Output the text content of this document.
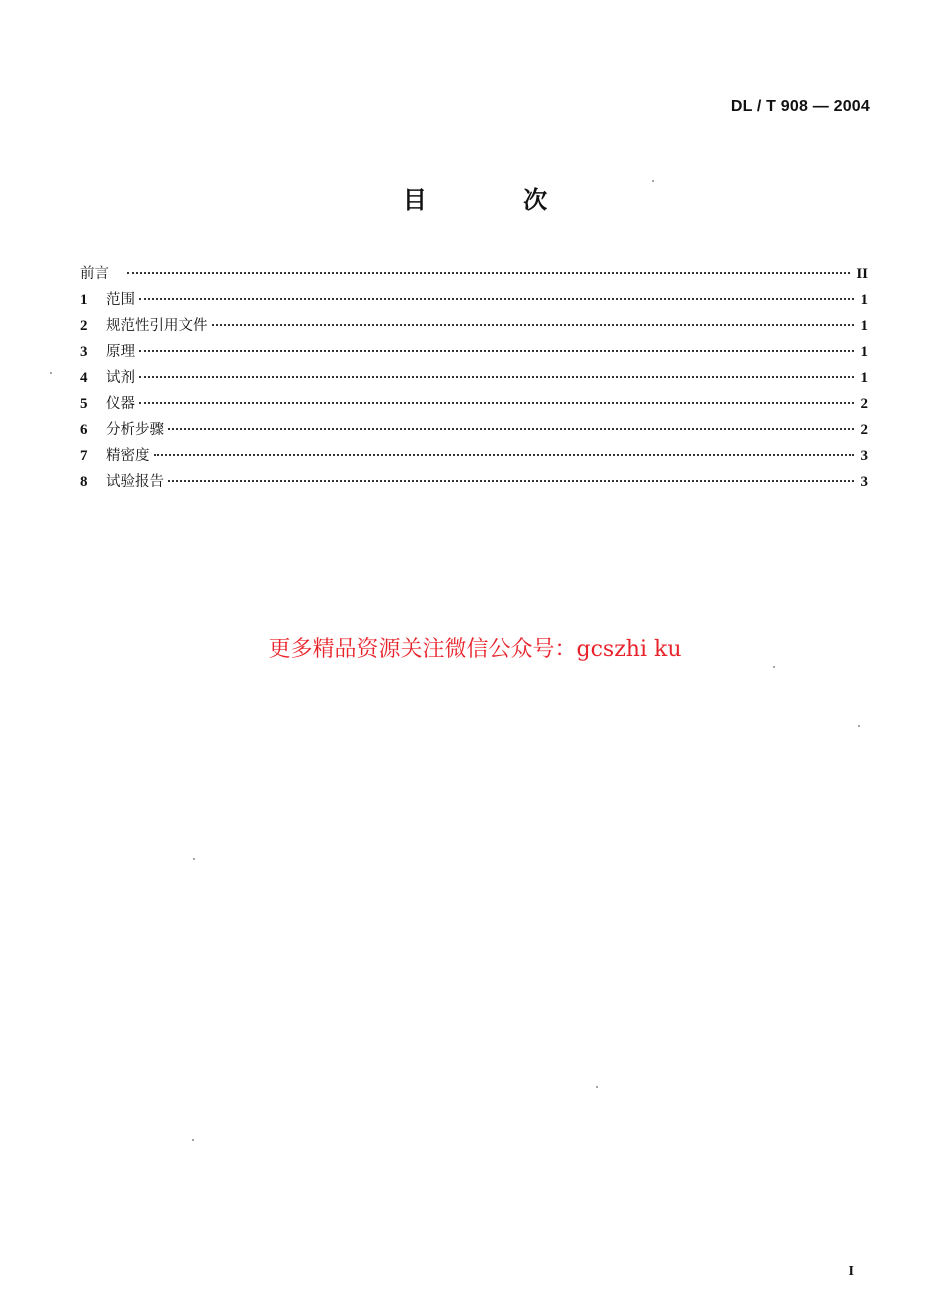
DL / T 908 — 2004
目 次
前言	II
1	范围	1
2	规范性引用文件	1
3	原理	1
4	试剂	1
5	仪器	2
6	分析步骤	2
7	精密度	3
8	试验报告	3
更多精品资源关注微信公众号：gcszhi ku
I
